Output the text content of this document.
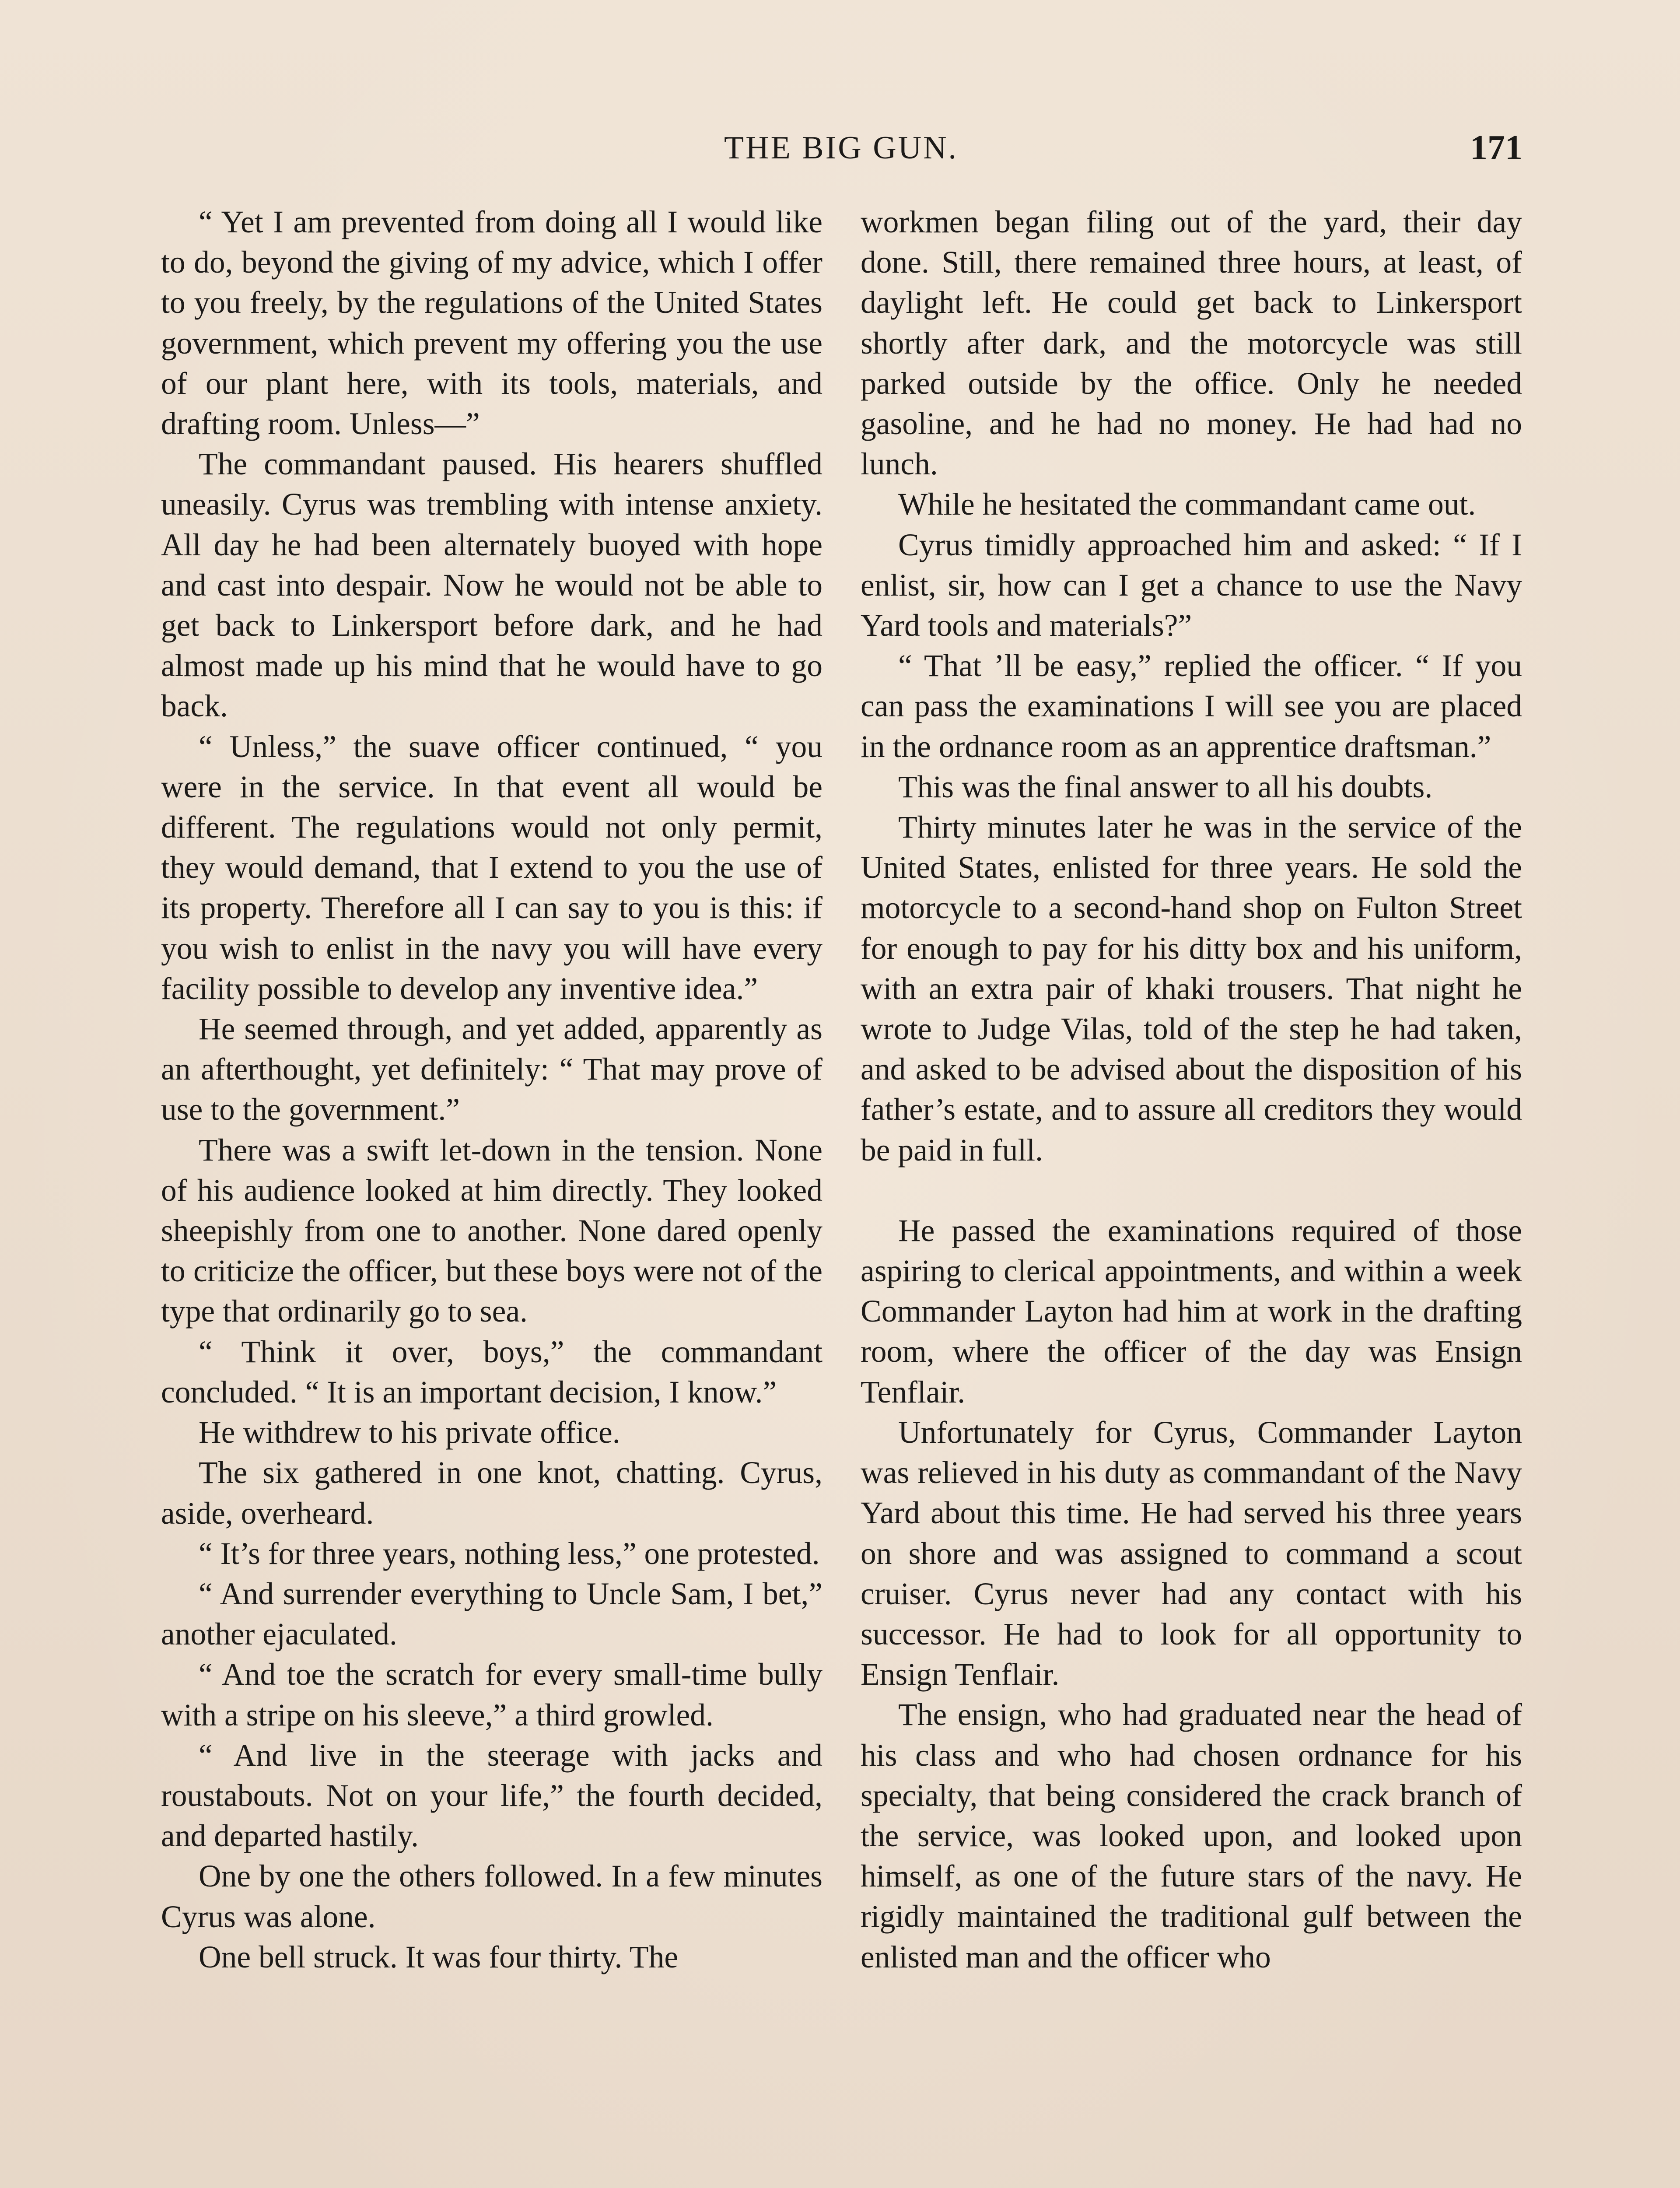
THE BIG GUN.	171

“ Yet I am prevented from doing all I would like to do, beyond the giving of my advice, which I offer to you freely, by the regulations of the United States government, which prevent my offering you the use of our plant here, with its tools, materials, and drafting room. Unless—”

The commandant paused. His hearers shuffled uneasily. Cyrus was trembling with intense anxiety. All day he had been alternately buoyed with hope and cast into despair. Now he would not be able to get back to Linkersport before dark, and he had almost made up his mind that he would have to go back.

“ Unless,” the suave officer continued, “ you were in the service. In that event all would be different. The regulations would not only permit, they would demand, that I extend to you the use of its property. Therefore all I can say to you is this: if you wish to enlist in the navy you will have every facility possible to develop any inventive idea.”

He seemed through, and yet added, apparently as an afterthought, yet definitely: “ That may prove of use to the government.”

There was a swift let-down in the tension. None of his audience looked at him directly. They looked sheepishly from one to another. None dared openly to criticize the officer, but these boys were not of the type that ordinarily go to sea.

“ Think it over, boys,” the commandant concluded. “ It is an important decision, I know.”

He withdrew to his private office.

The six gathered in one knot, chatting. Cyrus, aside, overheard.

“ It’s for three years, nothing less,” one protested.

“ And surrender everything to Uncle Sam, I bet,” another ejaculated.

“ And toe the scratch for every small-time bully with a stripe on his sleeve,” a third growled.

“ And live in the steerage with jacks and roustabouts. Not on your life,” the fourth decided, and departed hastily.

One by one the others followed. In a few minutes Cyrus was alone.

One bell struck. It was four thirty. The

workmen began filing out of the yard, their day done. Still, there remained three hours, at least, of daylight left. He could get back to Linkersport shortly after dark, and the motorcycle was still parked outside by the office. Only he needed gasoline, and he had no money. He had had no lunch.

While he hesitated the commandant came out.

Cyrus timidly approached him and asked: “ If I enlist, sir, how can I get a chance to use the Navy Yard tools and materials?”

“ That ’ll be easy,” replied the officer. “ If you can pass the examinations I will see you are placed in the ordnance room as an apprentice draftsman.”

This was the final answer to all his doubts.

Thirty minutes later he was in the service of the United States, enlisted for three years. He sold the motorcycle to a second-hand shop on Fulton Street for enough to pay for his ditty box and his uniform, with an extra pair of khaki trousers. That night he wrote to Judge Vilas, told of the step he had taken, and asked to be advised about the disposition of his father’s estate, and to assure all creditors they would be paid in full.

He passed the examinations required of those aspiring to clerical appointments, and within a week Commander Layton had him at work in the drafting room, where the officer of the day was Ensign Tenflair.

Unfortunately for Cyrus, Commander Layton was relieved in his duty as commandant of the Navy Yard about this time. He had served his three years on shore and was assigned to command a scout cruiser. Cyrus never had any contact with his successor. He had to look for all opportunity to Ensign Tenflair.

The ensign, who had graduated near the head of his class and who had chosen ordnance for his specialty, that being considered the crack branch of the service, was looked upon, and looked upon himself, as one of the future stars of the navy. He rigidly maintained the traditional gulf between the enlisted man and the officer who
